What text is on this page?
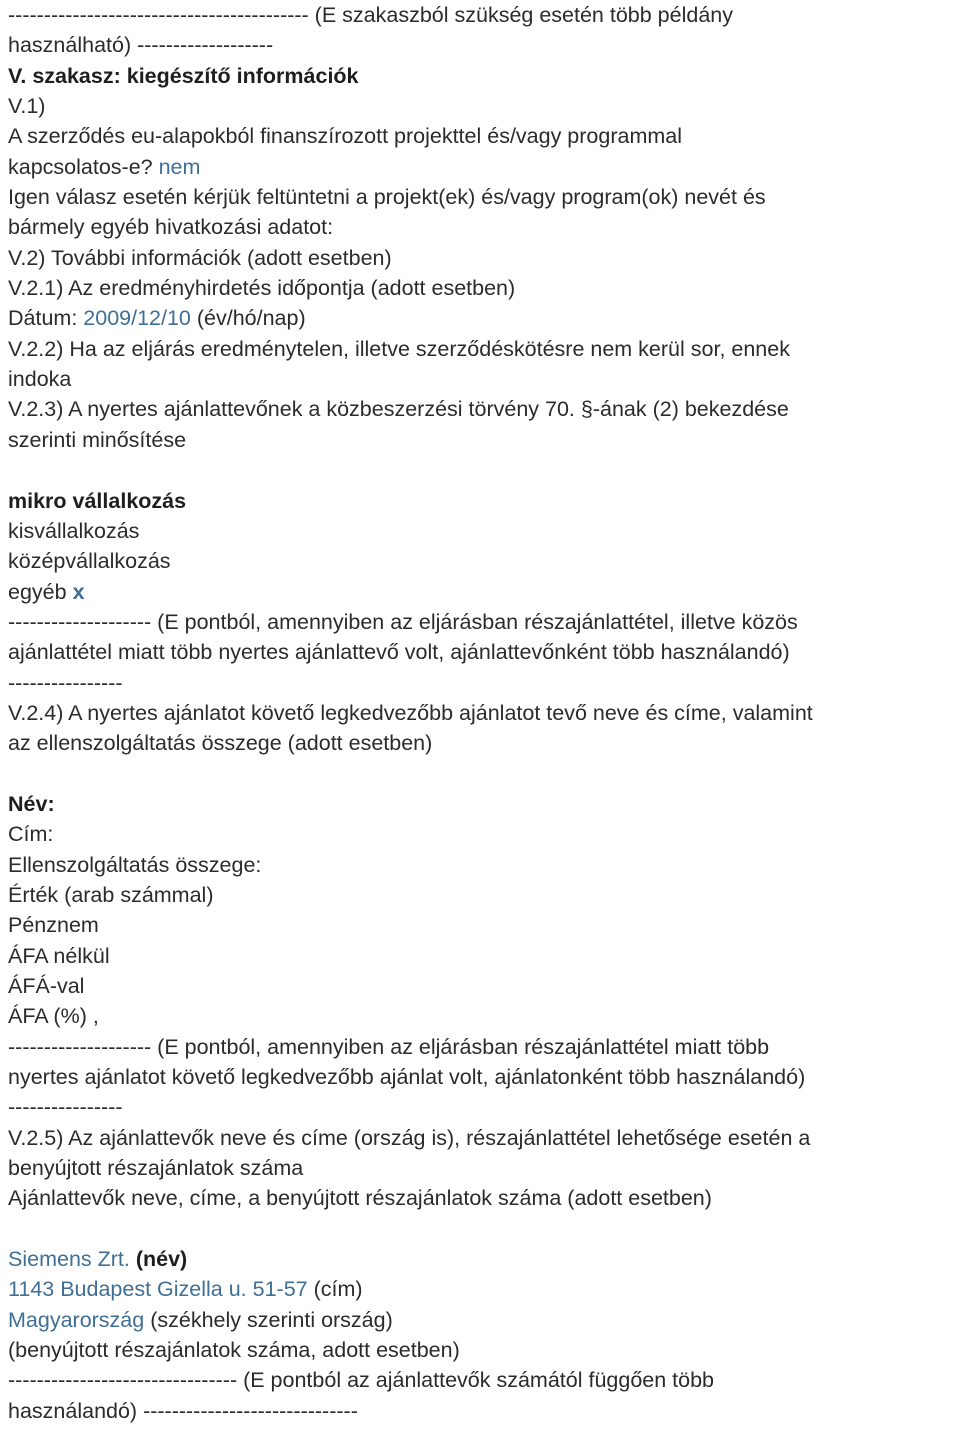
------------------------------------------ (E szakaszból szükség esetén több példány
használható) -------------------
V. szakasz: kiegészítő információk
V.1)
A szerződés eu-alapokból finanszírozott projekttel és/vagy programmal
kapcsolatos-e? nem
Igen válasz esetén kérjük feltüntetni a projekt(ek) és/vagy program(ok) nevét és
bármely egyéb hivatkozási adatot:
V.2) További információk (adott esetben)
V.2.1) Az eredményhirdetés időpontja (adott esetben)
Dátum: 2009/12/10 (év/hó/nap)
V.2.2) Ha az eljárás eredménytelen, illetve szerződéskötésre nem kerül sor, ennek
indoka
V.2.3) A nyertes ajánlattevőnek a közbeszerzési törvény 70. §-ának (2) bekezdése
szerinti minősítése
mikro vállalkozás
kisvállalkozás
középvállalkozás
egyéb x
-------------------- (E pontból, amennyiben az eljárásban részajánlattétel, illetve közös
ajánlattétel miatt több nyertes ajánlattevő volt, ajánlattevőnként több használandó)
----------------
V.2.4) A nyertes ajánlatot követő legkedvezőbb ajánlatot tevő neve és címe, valamint
az ellenszolgáltatás összege (adott esetben)
Név:
Cím:
Ellenszolgáltatás összege:
Érték (arab számmal)
Pénznem
ÁFA nélkül
ÁFÁ-val
ÁFA (%) ,
-------------------- (E pontból, amennyiben az eljárásban részajánlattétel miatt több
nyertes ajánlatot követő legkedvezőbb ajánlat volt, ajánlatonként több használandó)
----------------
V.2.5) Az ajánlattevők neve és címe (ország is), részajánlattétel lehetősége esetén a
benyújtott részajánlatok száma
Ajánlattevők neve, címe, a benyújtott részajánlatok száma (adott esetben)
Siemens Zrt. (név)
1143 Budapest Gizella u. 51-57 (cím)
Magyarország (székhely szerinti ország)
(benyújtott részajánlatok száma, adott esetben)
-------------------------------- (E pontból az ajánlattevők számától függően több
használandó) ------------------------------
